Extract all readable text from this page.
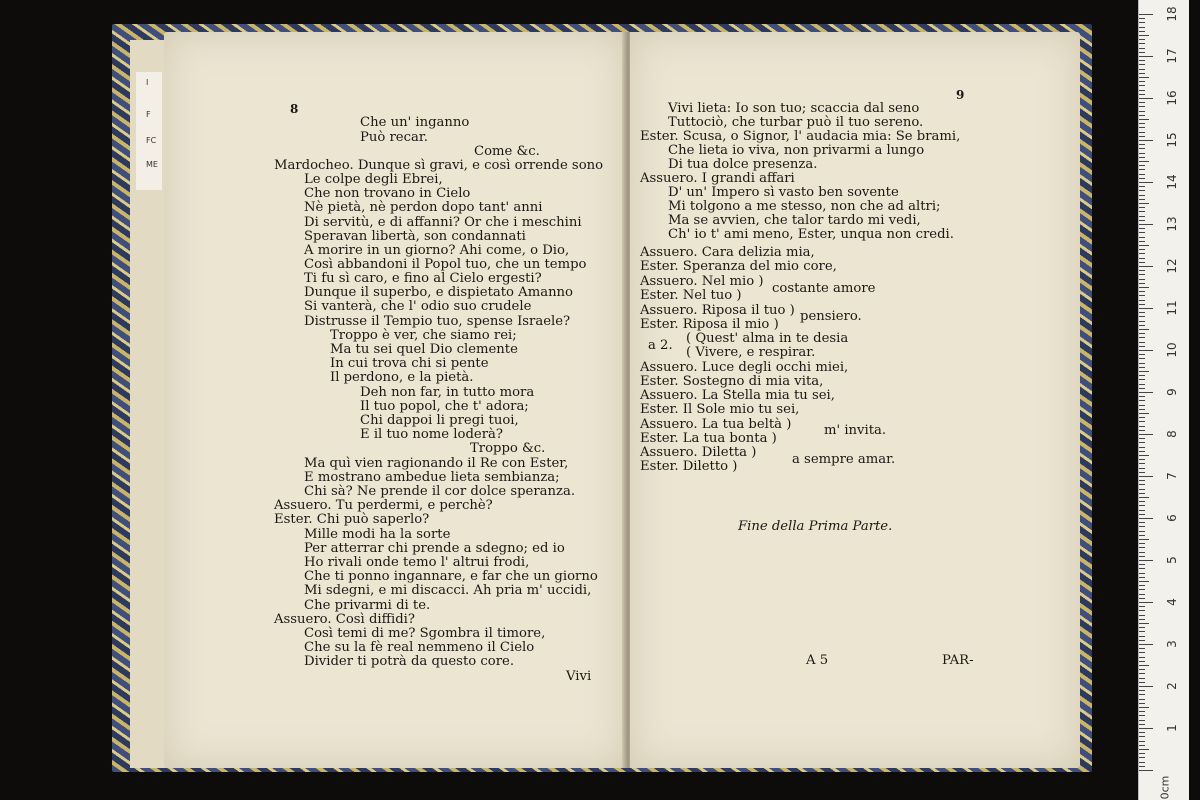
I
F
FC
ME
8
Che un' inganno
Può recar.
Come &c.
Mardocheo. Dunque sì gravi, e così orrende sono
Le colpe degli Ebrei,
Che non trovano in Cielo
Nè pietà, nè perdon dopo tant' anni
Di servitù, e di affanni? Or che i meschini
Speravan libertà, son condannati
A morire in un giorno? Ahi come, o Dio,
Così abbandoni il Popol tuo, che un tempo
Ti fu sì caro, e fino al Cielo ergesti?
Dunque il superbo, e dispietato Amanno
Si vanterà, che l' odio suo crudele
Distrusse il Tempio tuo, spense Israele?
Troppo è ver, che siamo rei;
Ma tu sei quel Dio clemente
In cui trova chi si pente
Il perdono, e la pietà.
Deh non far, in tutto mora
Il tuo popol, che t' adora;
Chi dappoi li pregi tuoi,
E il tuo nome loderà?
Troppo &c.
Ma quì vien ragionando il Re con Ester,
E mostrano ambedue lieta sembianza;
Chi sà? Ne prende il cor dolce speranza.
Assuero. Tu perdermi, e perchè?
Ester. Chi può saperlo?
Mille modi ha la sorte
Per atterrar chi prende a sdegno; ed io
Ho rivali onde temo l' altrui frodi,
Che ti ponno ingannare, e far che un giorno
Mi sdegni, e mi discacci. Ah pria m' uccidi,
Che privarmi di te.
Assuero. Così diffidi?
Così temi di me? Sgombra il timore,
Che su la fè real nemmeno il Cielo
Divider ti potrà da questo core.
Vivi
9
Vivi lieta: Io son tuo; scaccia dal seno
Tuttociò, che turbar può il tuo sereno.
Ester. Scusa, o Signor, l' audacia mia: Se brami,
Che lieta io viva, non privarmi a lungo
Di tua dolce presenza.
Assuero. I grandi affari
D' un' Impero sì vasto ben sovente
Mi tolgono a me stesso, non che ad altri;
Ma se avvien, che talor tardo mi vedi,
Ch' io t' ami meno, Ester, unqua non credi.
Assuero. Cara delizia mia,
Ester. Speranza del mio core,
Assuero. Nel mio ) costante amore
Ester. Nel tuo )
Assuero. Riposa il tuo ) pensiero.
Ester. Riposa il mio )
( Quest' alma in te desia
a 2. ( Vivere, e respirar.
Assuero. Luce degli occhi miei,
Ester. Sostegno di mia vita,
Assuero. La Stella mia tu sei,
Ester. Il Sole mio tu sei,
Assuero. La tua beltà ) m' invita.
Ester. La tua bonta )
Assuero. Diletta )	a sempre amar.
Ester. Diletto )
Fine della Prima Parte.
A 5	PAR-
1
2
3
4
5
6
7
8
9
10
11
12
13
14
15
16
17
18
0cm
